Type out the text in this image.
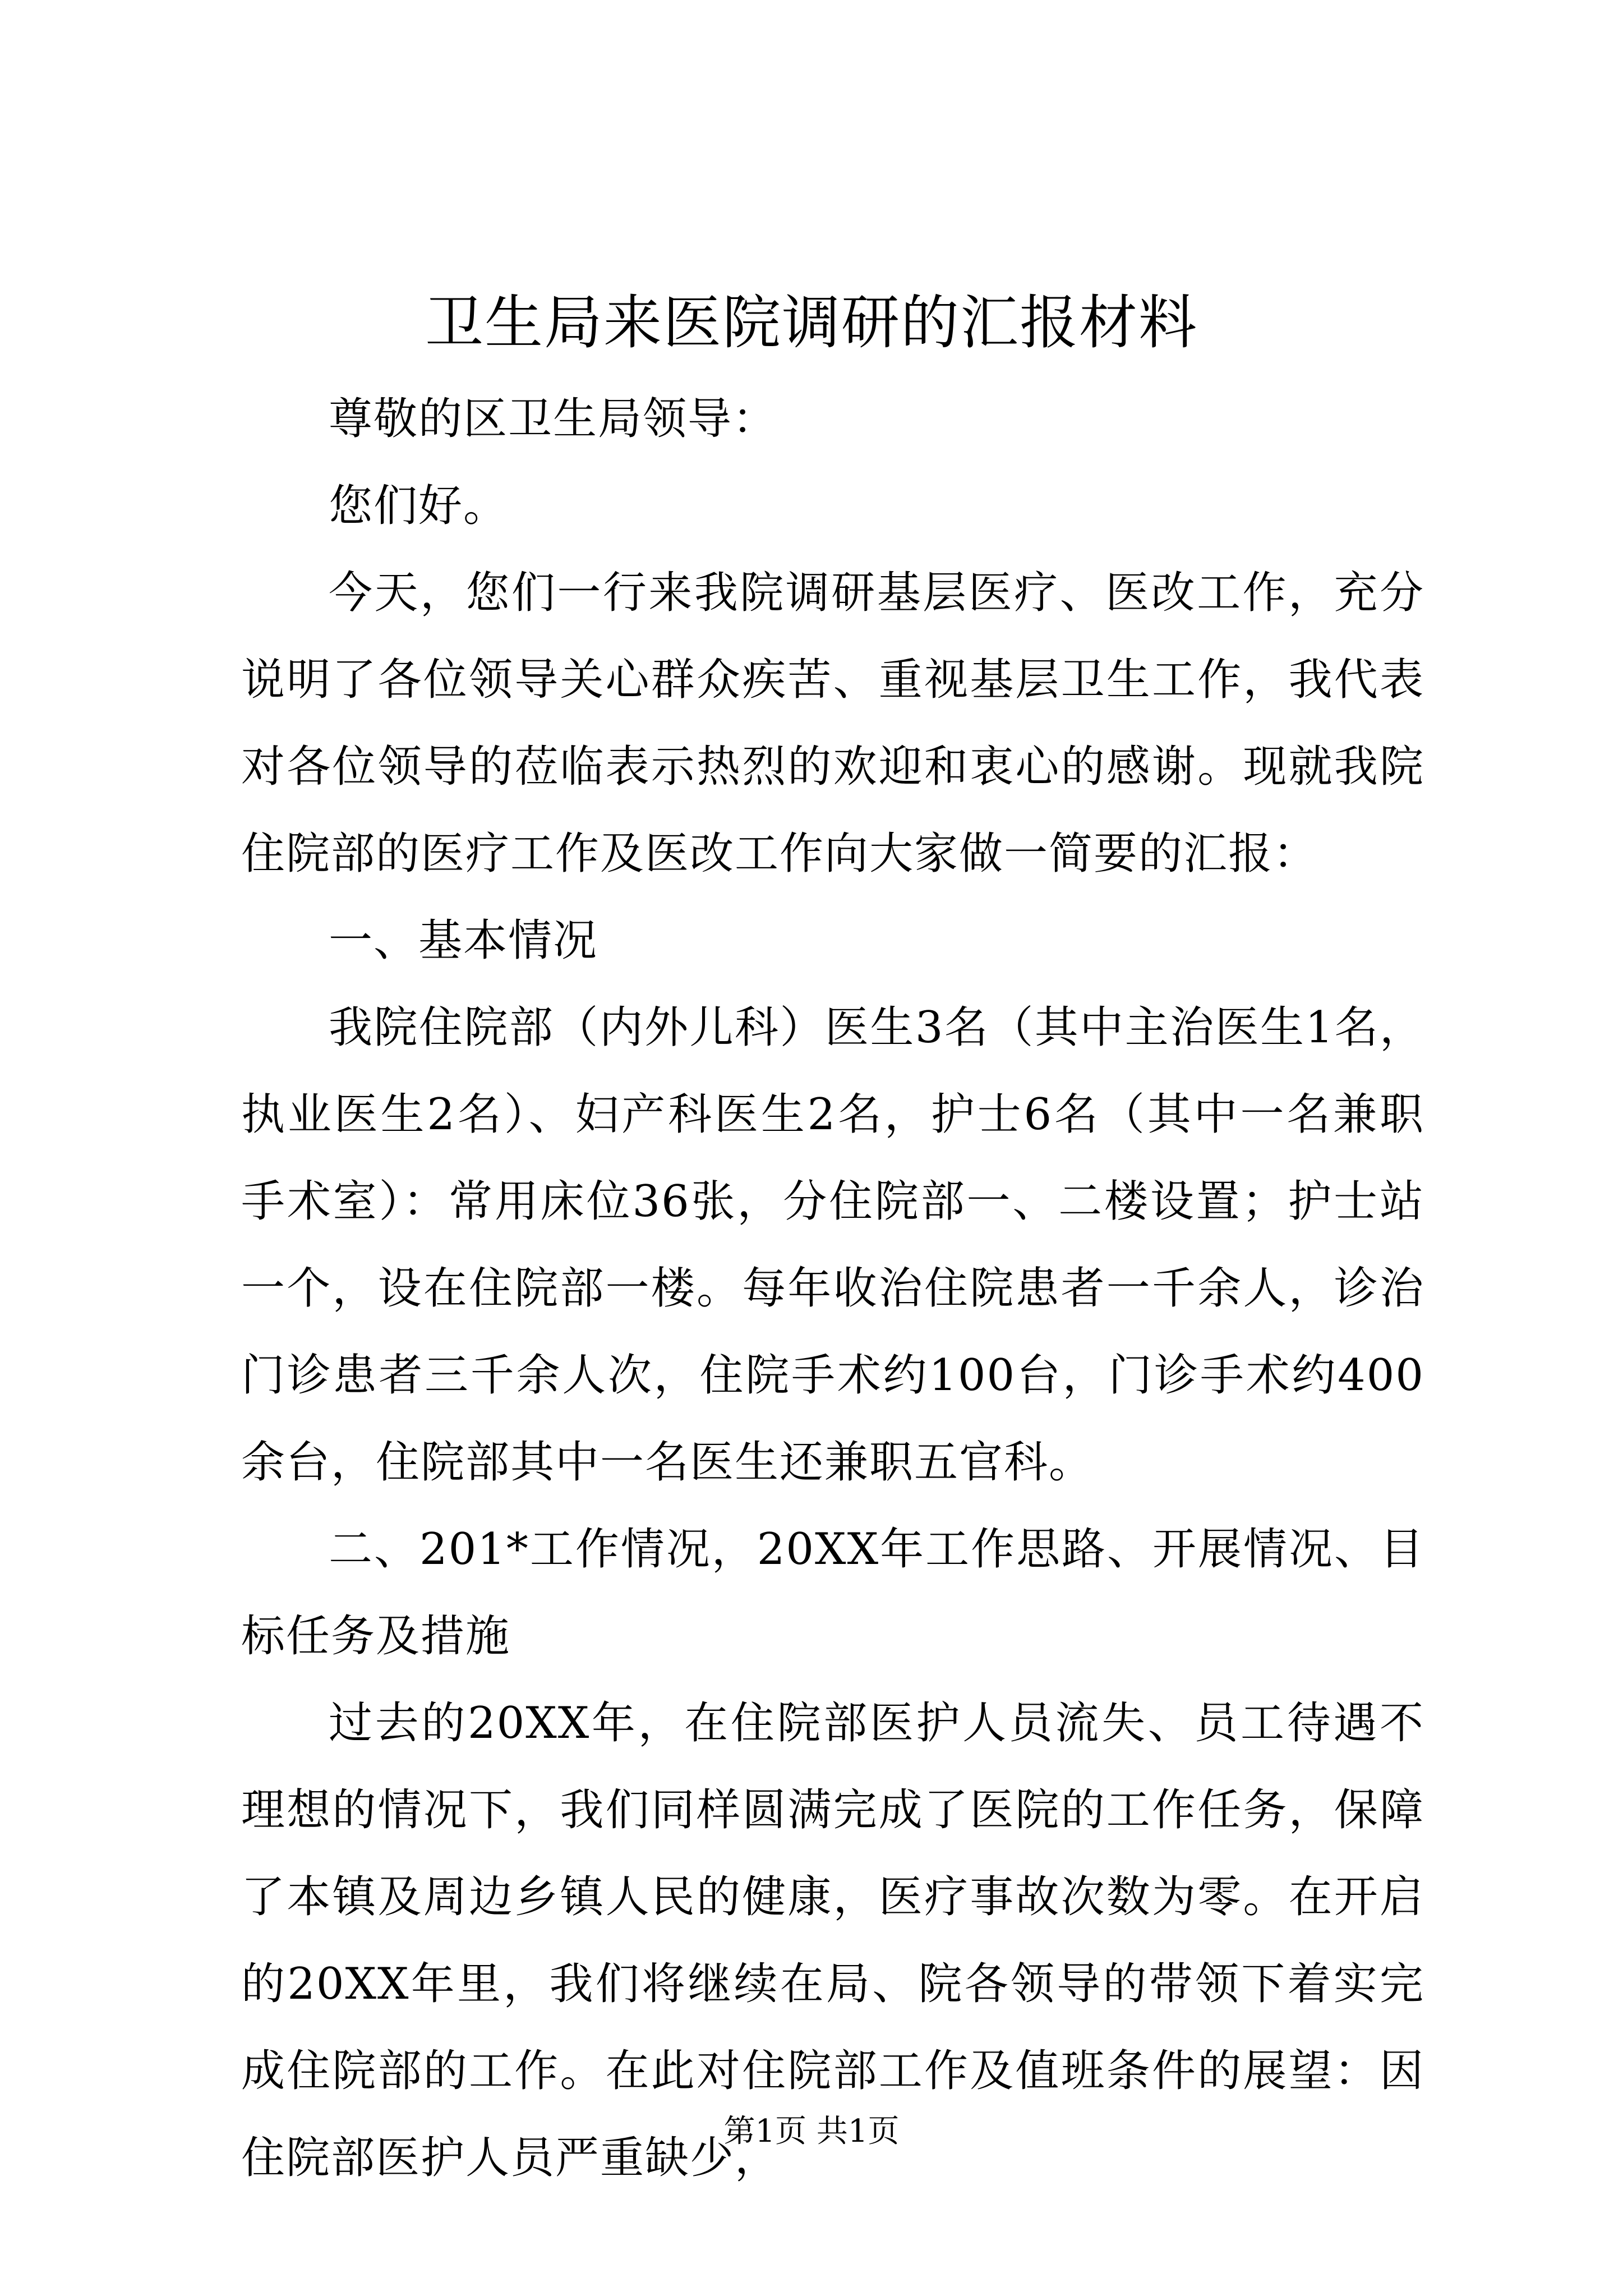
卫生局来医院调研的汇报材料

尊敬的区卫生局领导：

您们好。

今天，您们一行来我院调研基层医疗、医改工作，充分说明了各位领导关心群众疾苦、重视基层卫生工作，我代表对各位领导的莅临表示热烈的欢迎和衷心的感谢。现就我院住院部的医疗工作及医改工作向大家做一简要的汇报：

一、基本情况

我院住院部（内外儿科）医生3名（其中主治医生1名，执业医生2名）、妇产科医生2名，护士6名（其中一名兼职手术室）：常用床位36张，分住院部一、二楼设置；护士站一个，设在住院部一楼。每年收治住院患者一千余人，诊治门诊患者三千余人次，住院手术约100台，门诊手术约400余台，住院部其中一名医生还兼职五官科。

二、201*工作情况，20XX年工作思路、开展情况、目标任务及措施

过去的20XX年，在住院部医护人员流失、员工待遇不理想的情况下，我们同样圆满完成了医院的工作任务，保障了本镇及周边乡镇人民的健康，医疗事故次数为零。在开启的20XX年里，我们将继续在局、院各领导的带领下着实完成住院部的工作。在此对住院部工作及值班条件的展望：因住院部医护人员严重缺少，

第1页 共1页
